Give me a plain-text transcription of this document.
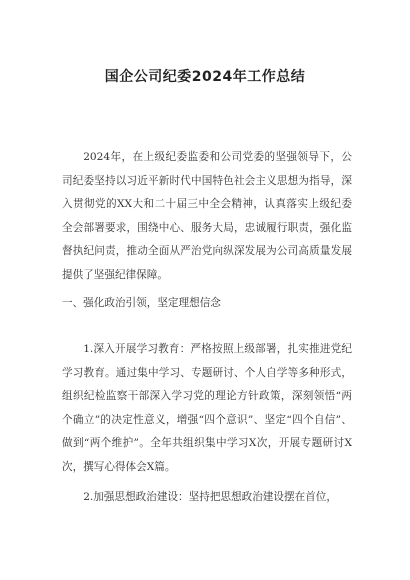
国企公司纪委2024年工作总结

2024年，在上级纪委监委和公司党委的坚强领导下，公司纪委坚持以习近平新时代中国特色社会主义思想为指导，深入贯彻党的XX大和二十届三中全会精神，认真落实上级纪委全会部署要求，围绕中心、服务大局，忠诚履行职责，强化监督执纪问责，推动全面从严治党向纵深发展为公司高质量发展提供了坚强纪律保障。

一、强化政治引领，坚定理想信念

1.深入开展学习教育：严格按照上级部署，扎实推进党纪学习教育。通过集中学习、专题研讨、个人自学等多种形式，组织纪检监察干部深入学习党的理论方针政策，深刻领悟“两个确立”的决定性意义，增强“四个意识”、坚定“四个自信”、做到“两个维护”。全年共组织集中学习X次，开展专题研讨X次，撰写心得体会X篇。

2.加强思想政治建设：坚持把思想政治建设摆在首位，
